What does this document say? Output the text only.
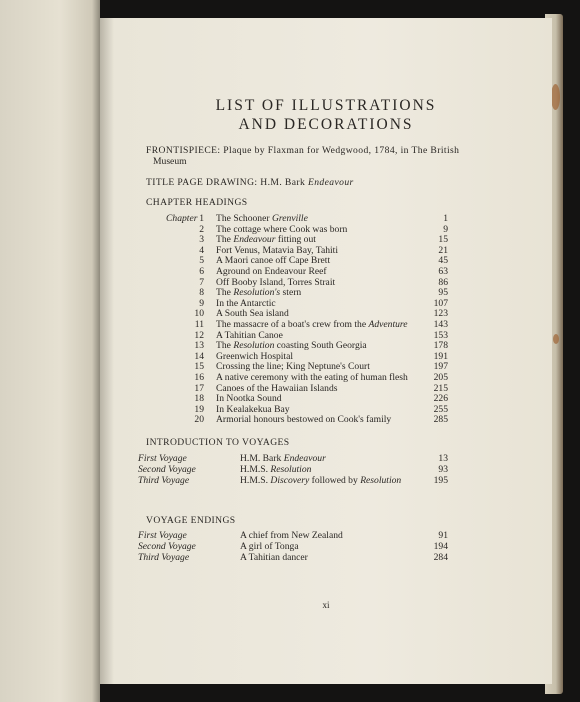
LIST OF ILLUSTRATIONS
AND DECORATIONS
FRONTISPIECE: Plaque by Flaxman for Wedgwood, 1784, in The British
Museum
TITLE PAGE DRAWING: H.M. Bark Endeavour
CHAPTER HEADINGS
Chapter 1 The Schooner Grenville	1
2 The cottage where Cook was born	9
3 The Endeavour fitting out	15
4 Fort Venus, Matavia Bay, Tahiti	21
5 A Maori canoe off Cape Brett	45
6 Aground on Endeavour Reef	63
7 Off Booby Island, Torres Strait	86
8 The Resolution's stern	95
9 In the Antarctic	107
10 A South Sea island	123
11 The massacre of a boat's crew from the Adventure	143
12 A Tahitian Canoe	153
13 The Resolution coasting South Georgia	178
14 Greenwich Hospital	191
15 Crossing the line; King Neptune's Court	197
16 A native ceremony with the eating of human flesh	205
17 Canoes of the Hawaiian Islands	215
18 In Nootka Sound	226
19 In Kealakekua Bay	255
20 Armorial honours bestowed on Cook's family	285
INTRODUCTION TO VOYAGES
First Voyage	H.M. Bark Endeavour	13
Second Voyage	H.M.S. Resolution	93
Third Voyage	H.M.S. Discovery followed by Resolution	195
VOYAGE ENDINGS
First Voyage	A chief from New Zealand	91
Second Voyage	A girl of Tonga	194
Third Voyage	A Tahitian dancer	284
xi
